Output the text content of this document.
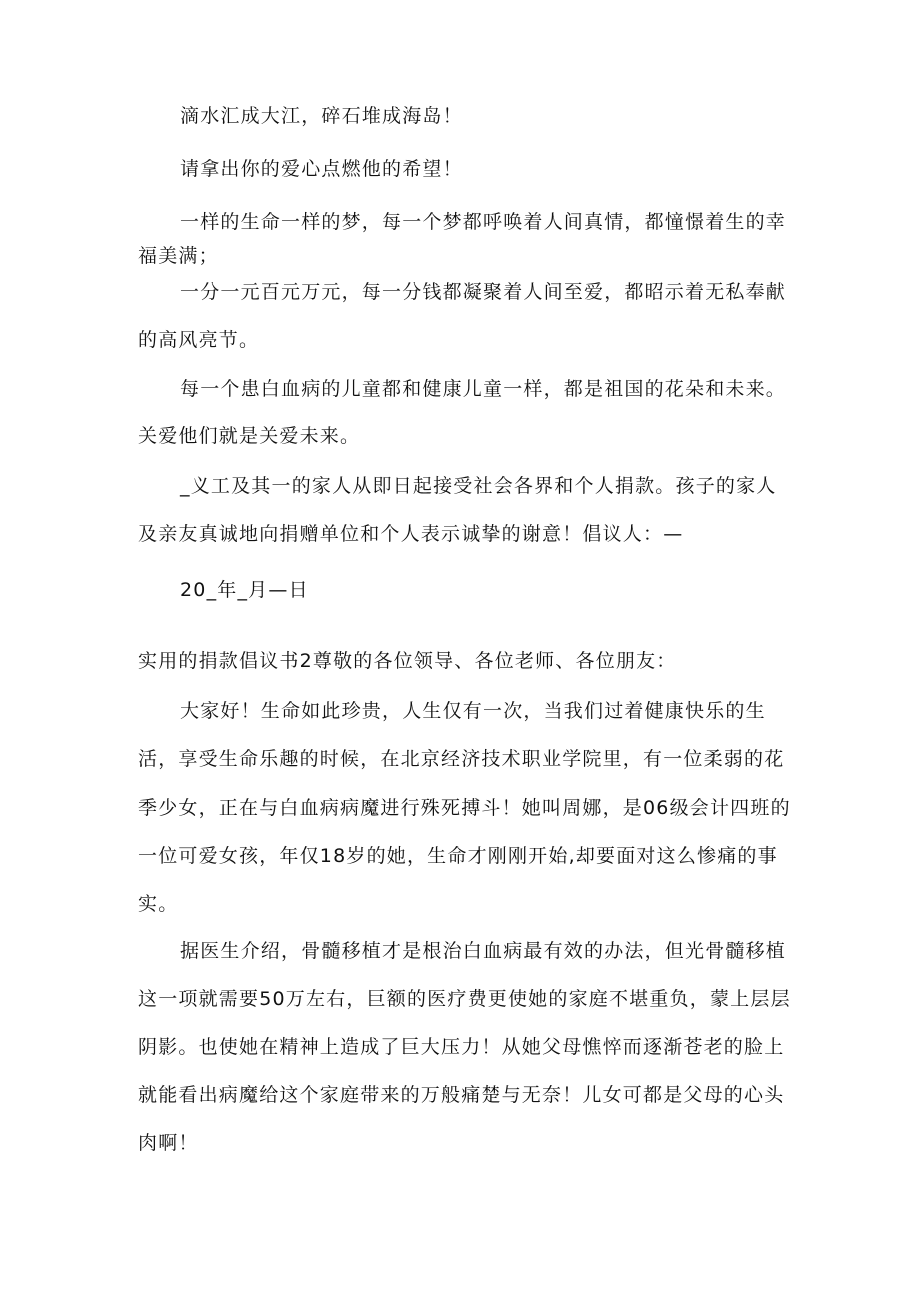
滴水汇成大江，碎石堆成海岛！
请拿出你的爱心点燃他的希望！
一样的生命一样的梦，每一个梦都呼唤着人间真情，都憧憬着生的幸
福美满；
一分一元百元万元，每一分钱都凝聚着人间至爱，都昭示着无私奉献
的高风亮节。
每一个患白血病的儿童都和健康儿童一样，都是祖国的花朵和未来。
关爱他们就是关爱未来。
_义工及其一的家人从即日起接受社会各界和个人捐款。孩子的家人
及亲友真诚地向捐赠单位和个人表示诚挚的谢意！倡议人：—
20_年_月—日
实用的捐款倡议书2尊敬的各位领导、各位老师、各位朋友：
大家好！生命如此珍贵，人生仅有一次，当我们过着健康快乐的生
活，享受生命乐趣的时候，在北京经济技术职业学院里，有一位柔弱的花
季少女，正在与白血病病魔进行殊死搏斗！她叫周娜，是06级会计四班的
一位可爱女孩，年仅18岁的她，生命才刚刚开始,却要面对这么惨痛的事
实。
据医生介绍，骨髓移植才是根治白血病最有效的办法，但光骨髓移植
这一项就需要50万左右，巨额的医疗费更使她的家庭不堪重负，蒙上层层
阴影。也使她在精神上造成了巨大压力！从她父母憔悴而逐渐苍老的脸上
就能看出病魔给这个家庭带来的万般痛楚与无奈！儿女可都是父母的心头
肉啊！
